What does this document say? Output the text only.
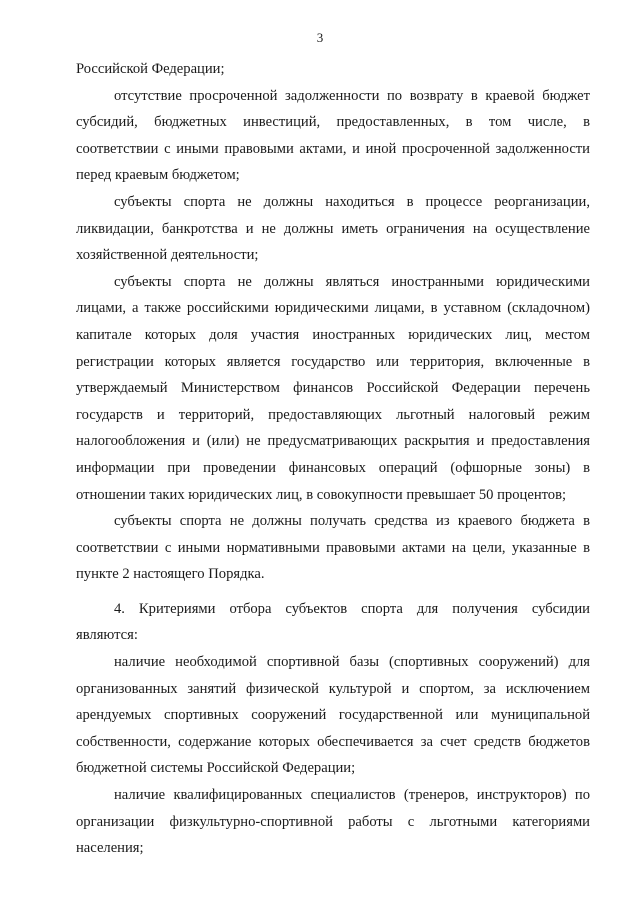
3
Российской Федерации;
отсутствие просроченной задолженности по возврату в краевой бюджет
субсидий, бюджетных инвестиций, предоставленных, в том числе, в
соответствии с иными правовыми актами, и иной просроченной задолженности
перед краевым бюджетом;
субъекты спорта не должны находиться в процессе реорганизации,
ликвидации, банкротства и не должны иметь ограничения на осуществление
хозяйственной деятельности;
субъекты спорта не должны являться иностранными юридическими
лицами, а также российскими юридическими лицами, в уставном (складочном)
капитале которых доля участия иностранных юридических лиц, местом
регистрации которых является государство или территория, включенные в
утверждаемый Министерством финансов Российской Федерации перечень
государств и территорий, предоставляющих льготный налоговый режим
налогообложения и (или) не предусматривающих раскрытия и предоставления
информации при проведении финансовых операций (офшорные зоны) в
отношении таких юридических лиц, в совокупности превышает 50 процентов;
субъекты спорта не должны получать средства из краевого бюджета в
соответствии с иными нормативными правовыми актами на цели, указанные в
пункте 2 настоящего Порядка.
4. Критериями отбора субъектов спорта для получения субсидии
являются:
наличие необходимой спортивной базы (спортивных сооружений) для
организованных занятий физической культурой и спортом, за исключением
арендуемых спортивных сооружений государственной или муниципальной
собственности, содержание которых обеспечивается за счет средств бюджетов
бюджетной системы Российской Федерации;
наличие квалифицированных специалистов (тренеров, инструкторов) по
организации физкультурно-спортивной работы с льготными категориями
населения;
